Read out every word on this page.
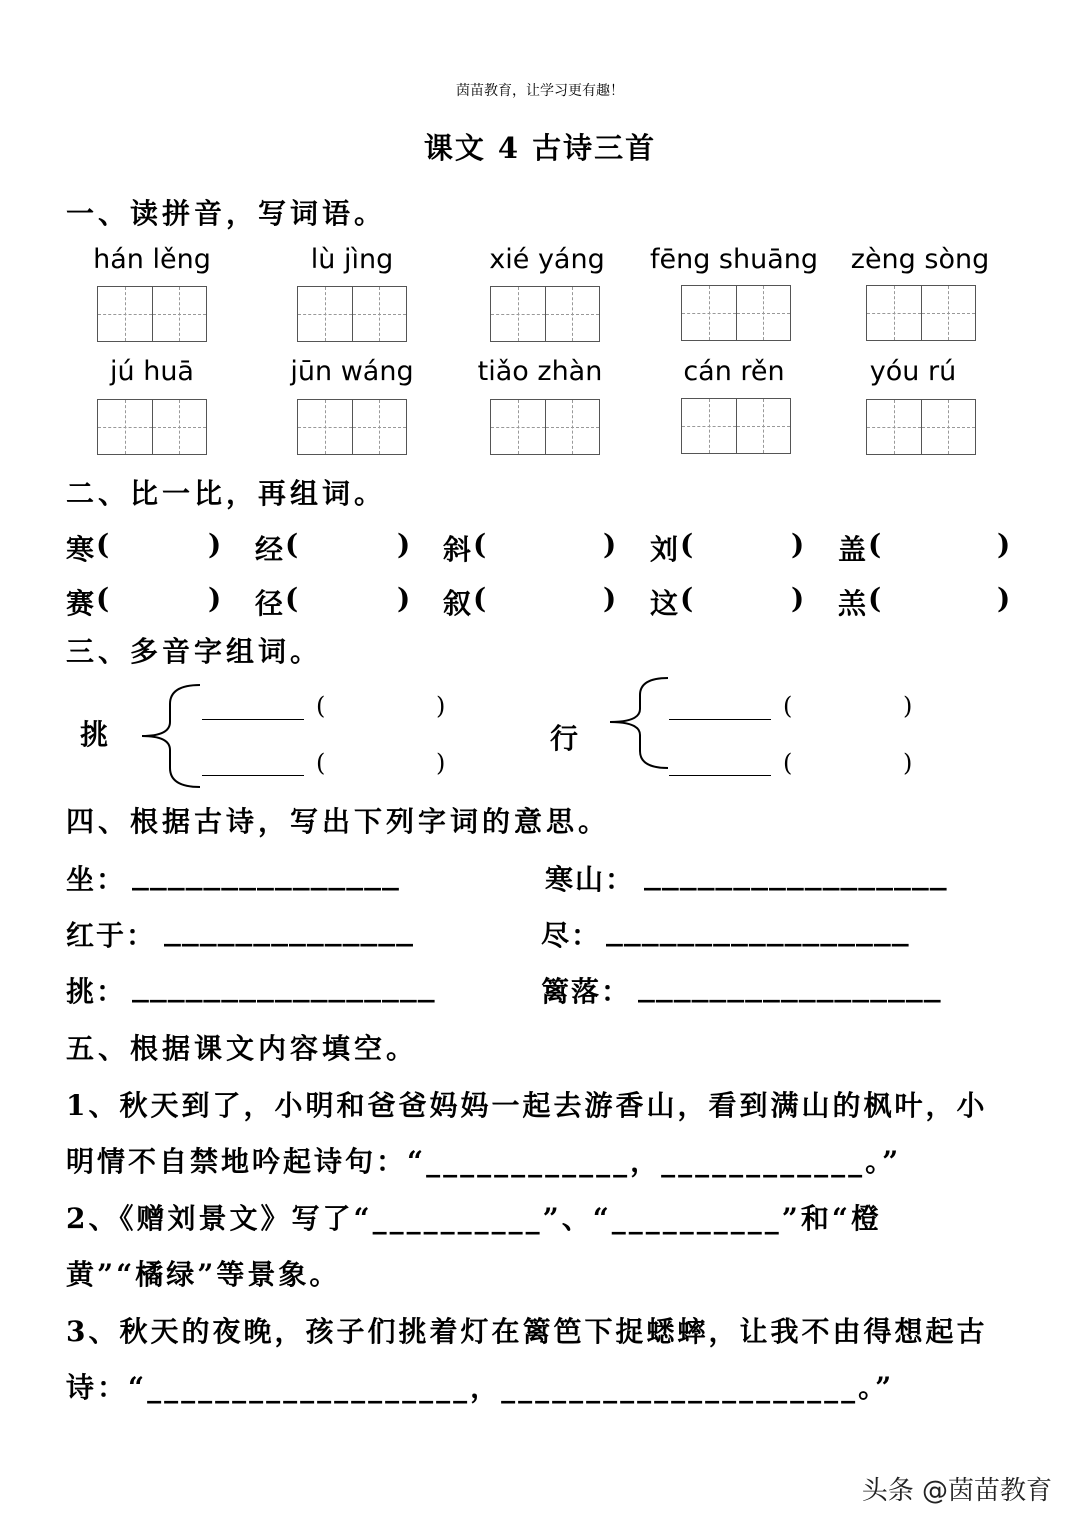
茵苗教育，让学习更有趣！
课文 4 古诗三首
一、读拼音，写词语。
hán lěng	lù jìng	xié yáng	fēng shuāng	zèng sòng
jú huā	jūn wáng	tiǎo zhàn	cán rěn	yóu rú
二、比一比，再组词。
寒 (	) 经 (	) 斜 (	) 刘 (	) 盖 (	)
赛 (	) 径 (	) 叙 (	) 这 (	) 羔 (	)
三、多音字组词。
挑
(	)
(	)
行
(	)
(	)
四、根据古诗，写出下列字词的意思。
坐： _______________	寒山： _________________
红于： ______________	尽： _________________
挑： _________________	篱落： _________________
五、根据课文内容填空。
1、秋天到了，小明和爸爸妈妈一起去游香山，看到满山的枫叶，小
明情不自禁地吟起诗句：“____________，____________。”
2、《赠刘景文》写了“__________”、“__________”和“橙
黄”“橘绿”等景象。
3、秋天的夜晚，孩子们挑着灯在篱笆下捉蟋蟀，让我不由得想起古
诗：“___________________，_____________________。”
头条 @茵苗教育
